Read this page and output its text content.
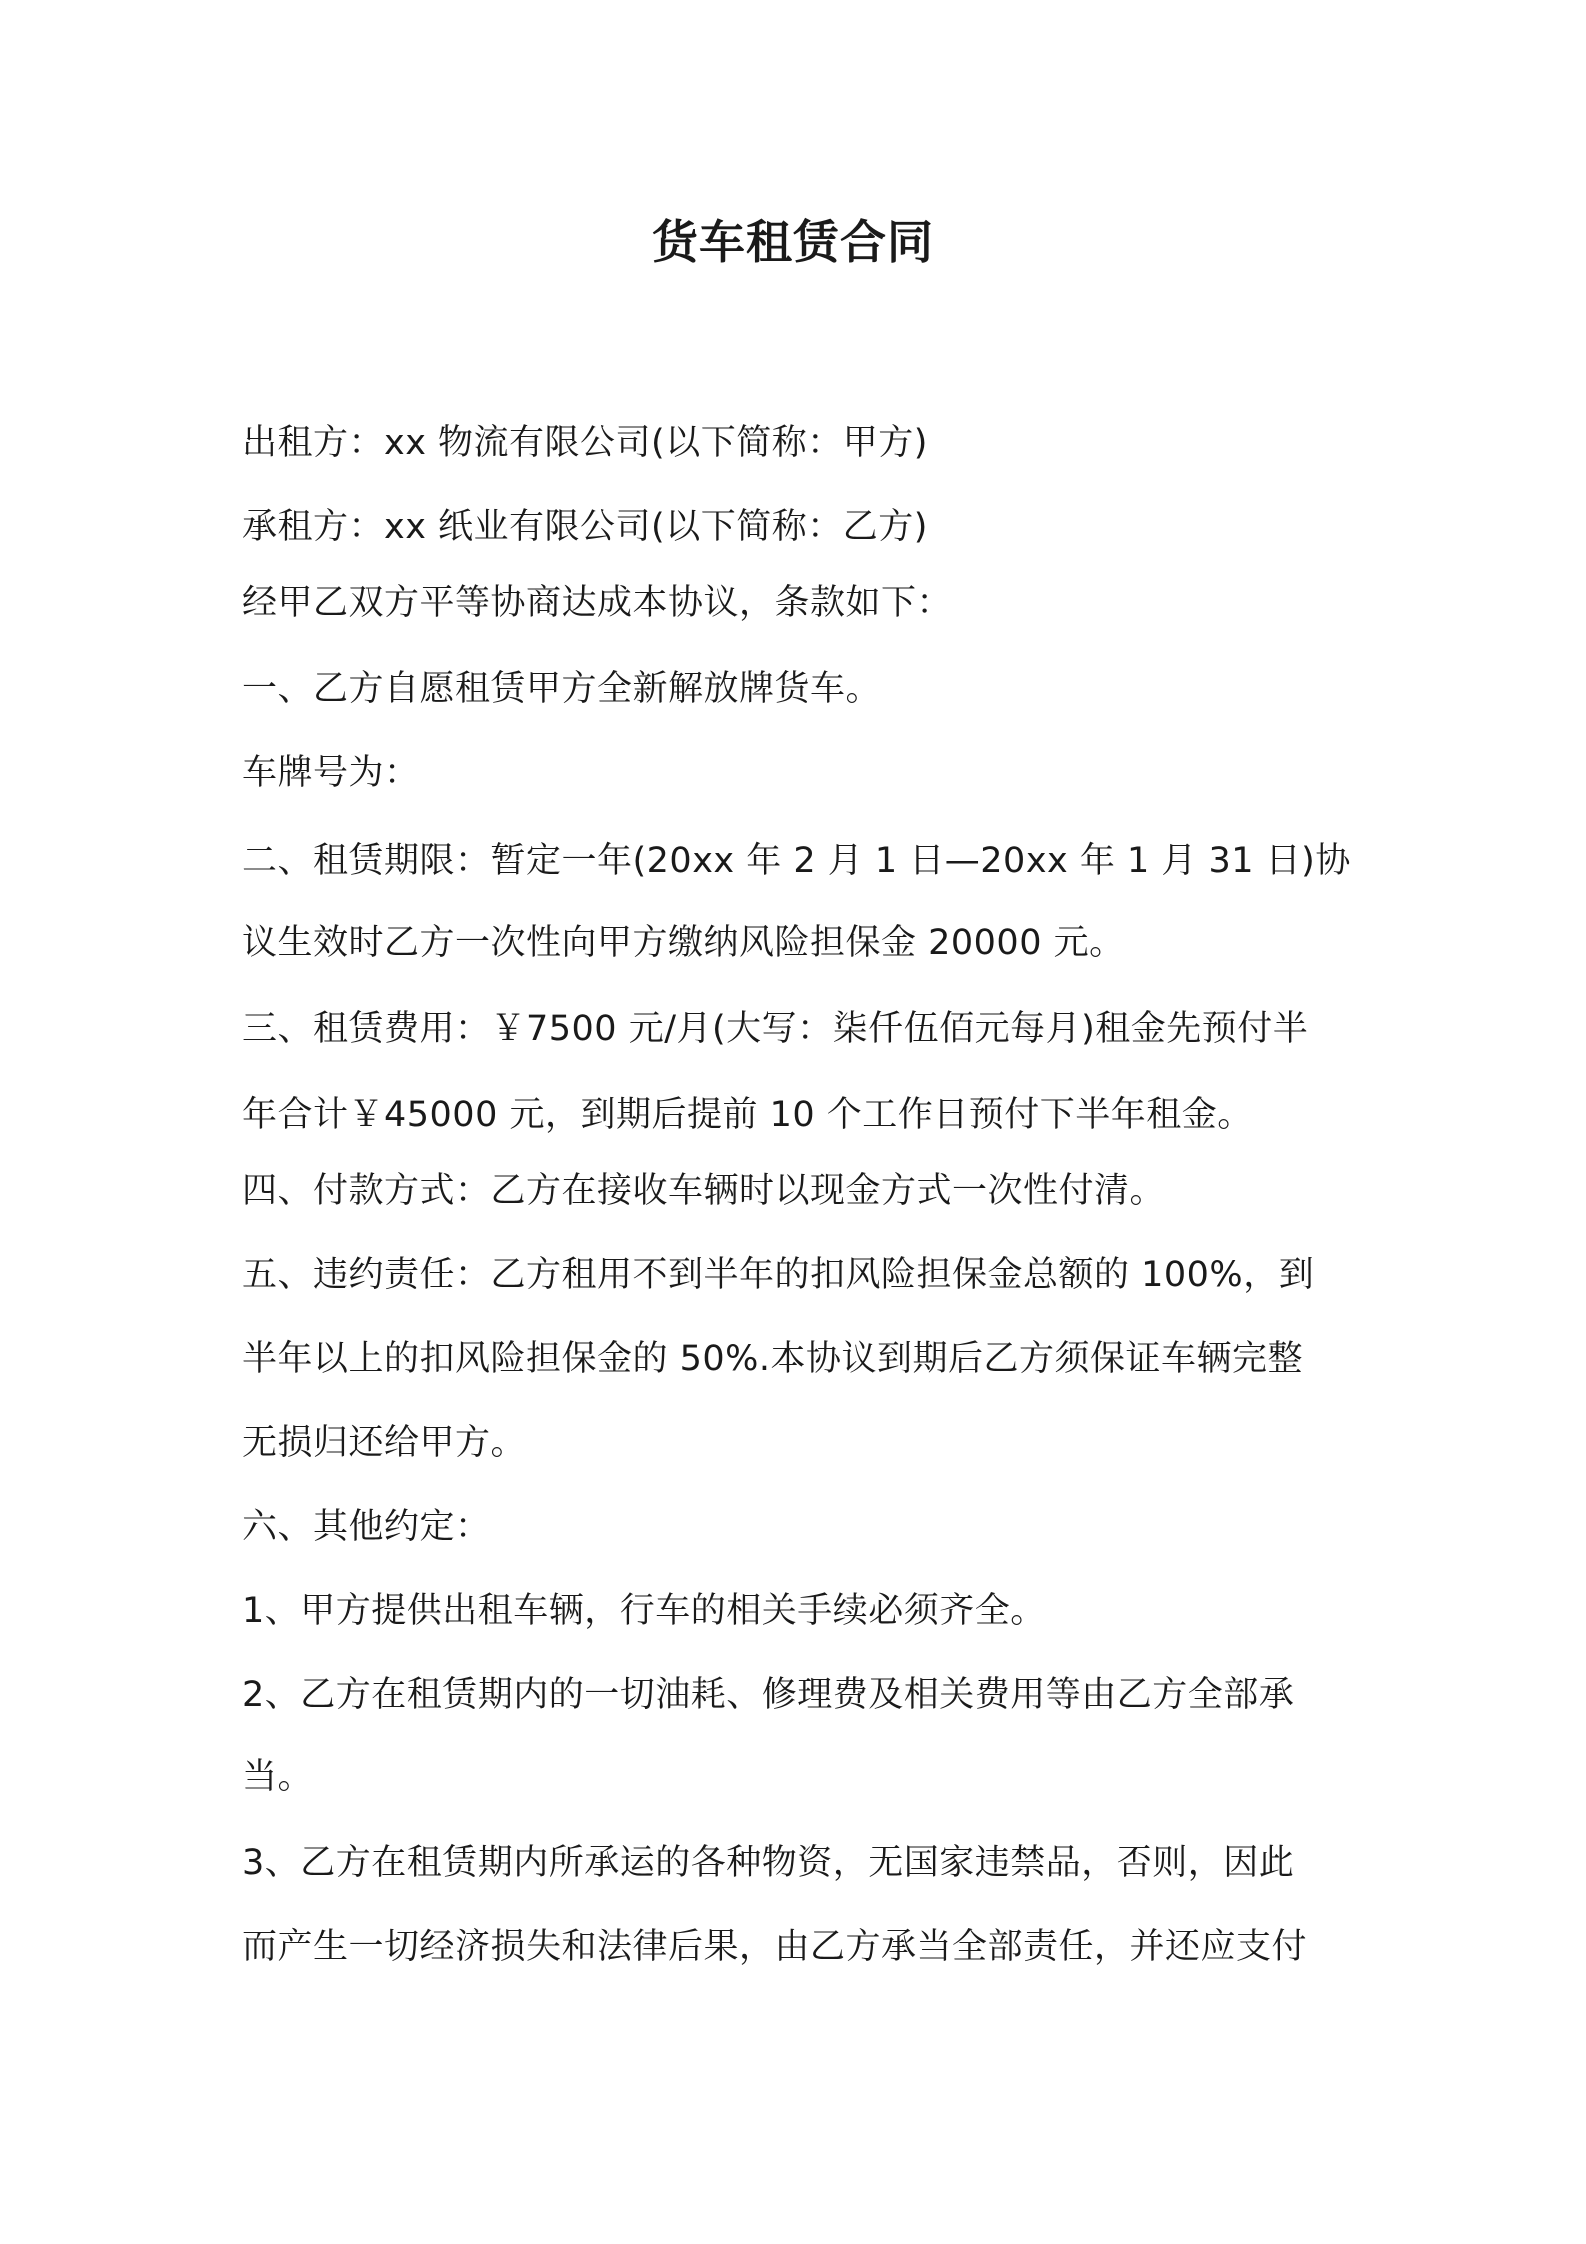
货车租赁合同
出租方：xx 物流有限公司(以下简称：甲方)
承租方：xx 纸业有限公司(以下简称：乙方)
经甲乙双方平等协商达成本协议，条款如下：
一、乙方自愿租赁甲方全新解放牌货车。
车牌号为：
二、租赁期限：暂定一年(20xx 年 2 月 1 日—20xx 年 1 月 31 日)协
议生效时乙方一次性向甲方缴纳风险担保金 20000 元。
三、租赁费用：￥7500 元/月(大写：柒仟伍佰元每月)租金先预付半
年合计￥45000 元，到期后提前 10 个工作日预付下半年租金。
四、付款方式：乙方在接收车辆时以现金方式一次性付清。
五、违约责任：乙方租用不到半年的扣风险担保金总额的 100%，到
半年以上的扣风险担保金的 50%.本协议到期后乙方须保证车辆完整
无损归还给甲方。
六、其他约定：
1、甲方提供出租车辆，行车的相关手续必须齐全。
2、乙方在租赁期内的一切油耗、修理费及相关费用等由乙方全部承
当。
3、乙方在租赁期内所承运的各种物资，无国家违禁品，否则，因此
而产生一切经济损失和法律后果，由乙方承当全部责任，并还应支付
